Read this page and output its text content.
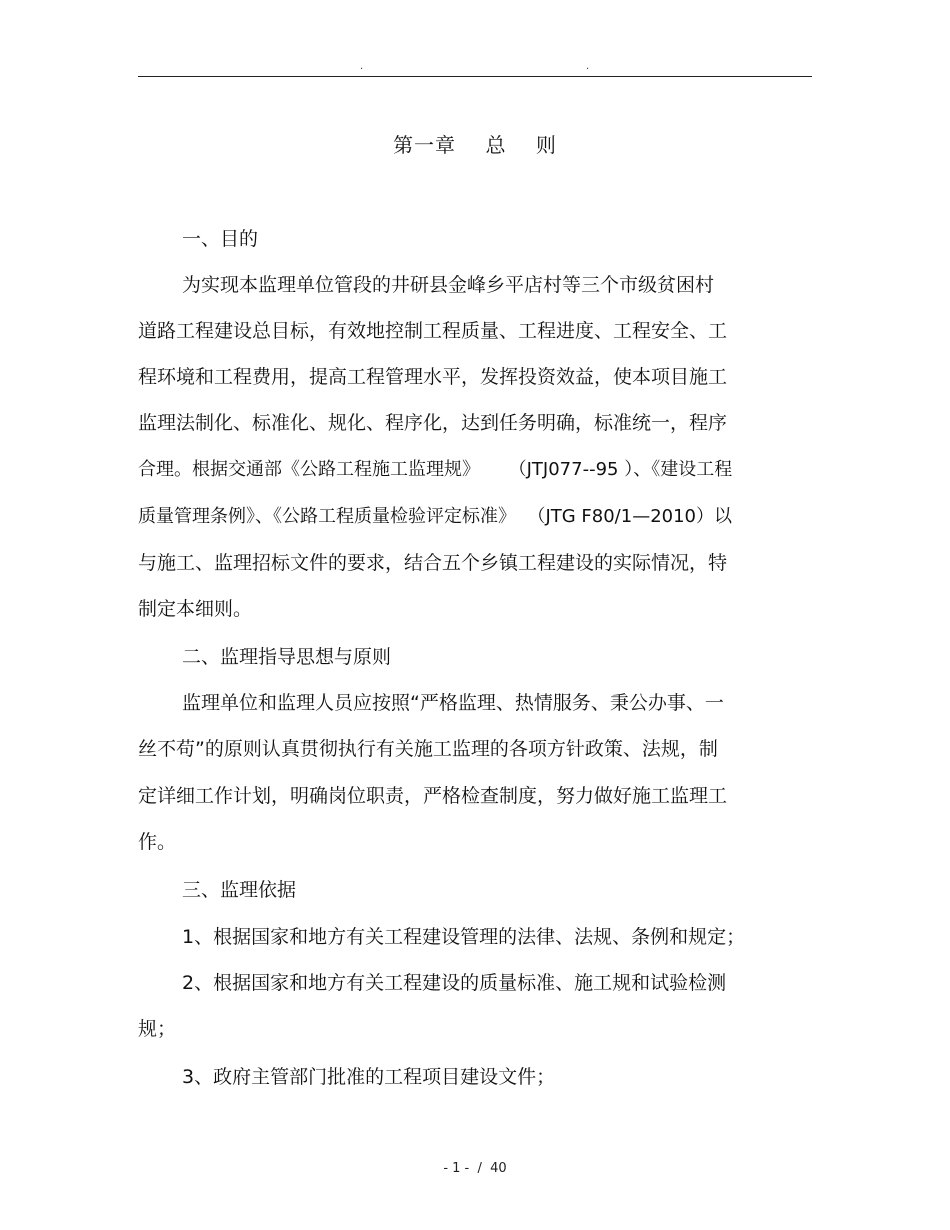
.	.
第一章    总    则
一、目的
为实现本监理单位管段的井研县金峰乡平店村等三个市级贫困村
道路工程建设总目标，有效地控制工程质量、工程进度、工程安全、工
程环境和工程费用，提高工程管理水平，发挥投资效益，使本项目施工
监理法制化、标准化、规化、程序化，达到任务明确，标准统一，程序
合理。根据交通部《公路工程施工监理规》     （JTJ077--95 ）、《建设工程
质量管理条例》、《公路工程质量检验评定标准》  （JTG F80/1—2010）以
与施工、监理招标文件的要求，结合五个乡镇工程建设的实际情况，特
制定本细则。
二、监理指导思想与原则
监理单位和监理人员应按照“严格监理、热情服务、秉公办事、一
丝不苟”的原则认真贯彻执行有关施工监理的各项方针政策、法规，制
定详细工作计划，明确岗位职责，严格检查制度，努力做好施工监理工
作。
三、监理依据
1、根据国家和地方有关工程建设管理的法律、法规、条例和规定；
2、根据国家和地方有关工程建设的质量标准、施工规和试验检测
规；
3、政府主管部门批准的工程项目建设文件；
- 1 -  /  40
